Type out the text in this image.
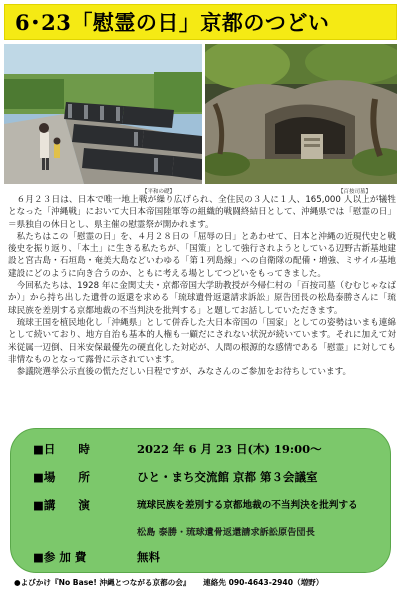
6･23「慰霊の日」京都のつどい
【平和の礎】	【百按司墓】

６月２３日は、日本で唯一地上戦が繰り広げられ、全住民の３人に１人、165,000 人以上が犠牲となった「沖縄戦」において大日本帝国陸軍等の組織的戦闘終結日として、沖縄県では「慰霊の日」＝県独自の休日とし、県主催の慰霊祭が開かれます。

私たちはこの「慰霊の日」を、４月２８日の「屈辱の日」とあわせて、日本と沖縄の近現代史と戦後史を振り返り、「本土」に生きる私たちが、「国策」として強行されようとしている辺野古新基地建設と宮古島・石垣島・奄美大島などいわゆる「第１列島線」への自衛隊の配備・増強、ミサイル基地建設にどのように向き合うのか、ともに考える場としてつどいをもってきました。

今回私たちは、1928 年に金関丈夫・京都帝国大学助教授が今帰仁村の「百按司墓（むむじゃなばか）」から持ち出した遺骨の返還を求める「琉球遺骨返還請求訴訟」原告団長の松島泰勝さんに「琉球民族を差別する京都地裁の不当判決を批判する」と題してお話ししていただきます。

琉球王国を植民地化し「沖縄県」として併呑した大日本帝国の「国家」としての姿勢はいまも連綿として続いており、地方自治も基本的人権も一顧だにされない状況が続いています。それに加えて対米従属一辺倒、日米安保最優先の硬直化した対応が、人間の根源的な感情である「慰霊」に対しても非情なものとなって露骨に示されています。

参議院選挙公示直後の慌ただしい日程ですが、みなさんのご参加をお待ちしています。

■日　　時	2022 年 6 月 23 日(木) 19:00～
■場　　所	ひと・まち交流館 京都 第３会議室
■講　　演	琉球民族を差別する京都地裁の不当判決を批判する
松島 泰勝・琉球遺骨返還請求訴訟原告団長
■参 加 費	無料
●よびかけ『No Base! 沖縄とつながる京都の会』 連絡先 090-4643-2940（増野）
